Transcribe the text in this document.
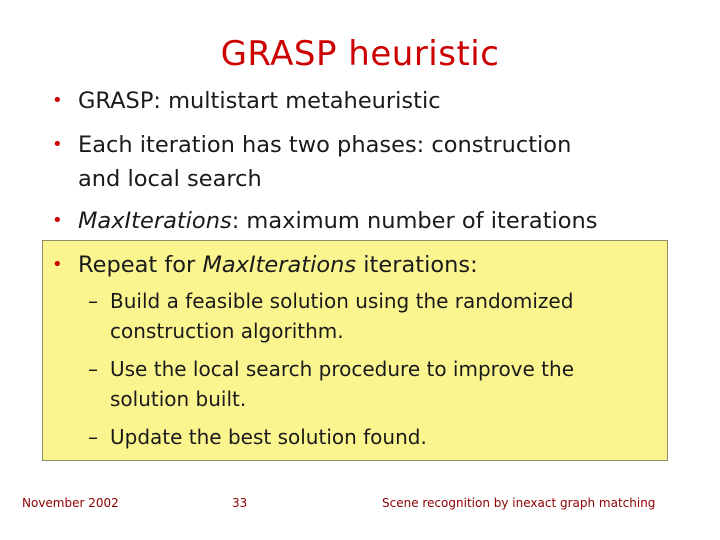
GRASP heuristic
• GRASP: multistart metaheuristic
• Each iteration has two phases: construction
and local search
• MaxIterations: maximum number of iterations
• Repeat for MaxIterations iterations:
– Build a feasible solution using the randomized
construction algorithm.
– Use the local search procedure to improve the
solution built.
– Update the best solution found.
November 2002	33	Scene recognition by inexact graph matching
